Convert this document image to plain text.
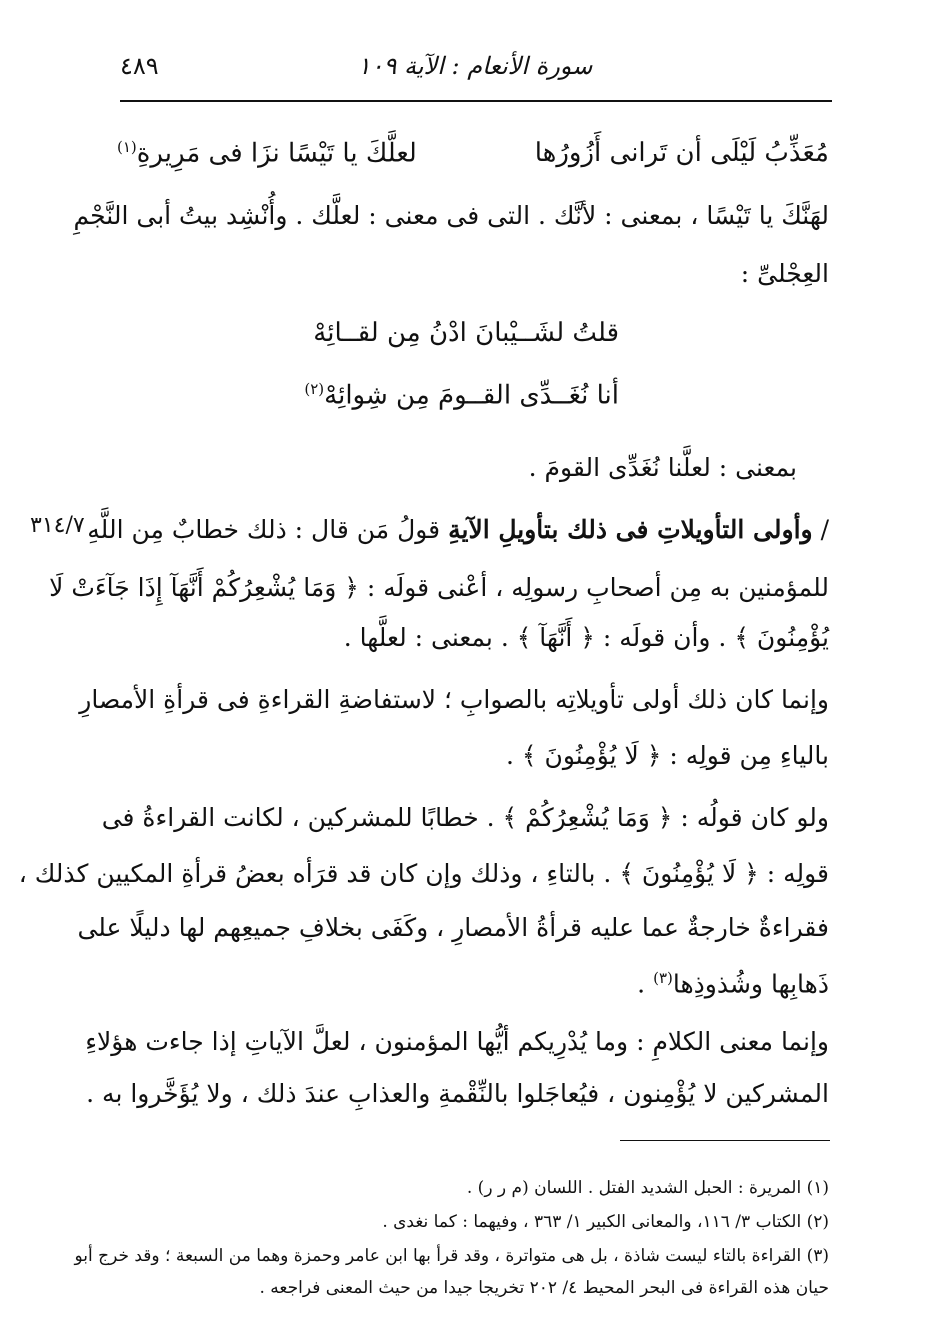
٤٨٩	سورة الأنعام : الآية ١٠٩
مُعَذِّبُ لَيْلَى أن تَرانى أَزُورُها
لعلَّكَ يا تَيْسًا نزَا فى مَرِيرةِ$^{(١)}$
لهَنَّكَ يا تَيْسًا ، بمعنى : لأنَّك . التى فى معنى : لعلَّك . وأُنْشِد بيتُ أبى النَّجْمِ
العِجْلىِّ :
قلتُ لشَــيْبانَ ادْنُ مِن لقــائِهْ
أنا نُغَــدِّى القــومَ مِن شِوائِهْ$^{(٢)}$
بمعنى : لعلَّنا نُغَدِّى القومَ .
٣١٤/٧	/ وأولى التأويلاتِ فى ذلك بتأويلِ الآيةِ قولُ مَن قال : ذلك خطابٌ مِن اللَّهِ
للمؤمنين به مِن أصحابِ رسولِه ، أعْنى قولَه : ﴿ وَمَا يُشْعِرُكُمْ أَنَّهَآ إِذَا جَآءَتْ لَا
يُؤْمِنُونَ ﴾ . وأن قولَه : ﴿ أَنَّهَآ ﴾ . بمعنى : لعلَّها .
وإنما كان ذلك أولى تأويلاتِه بالصوابِ ؛ لاستفاضةِ القراءةِ فى قرأةِ الأمصارِ
بالياءِ مِن قولِه : ﴿ لَا يُؤْمِنُونَ ﴾ .
ولو كان قولُه : ﴿ وَمَا يُشْعِرُكُمْ ﴾ . خطابًا للمشركين ، لكانت القراءةُ فى
قولِه : ﴿ لَا يُؤْمِنُونَ ﴾ . بالتاءِ ، وذلك وإن كان قد قرَأه بعضُ قرأةِ المكيين كذلك ،
فقراءةٌ خارجةٌ عما عليه قرأةُ الأمصارِ ، وكَفَى بخلافِ جميعِهم لها دليلًا على
ذَهابِها وشُذوذِها$^{(٣)}$ .
وإنما معنى الكلامِ : وما يُدْرِيكم أيُّها المؤمنون ، لعلَّ الآياتِ إذا جاءت هؤلاءِ
المشركين لا يُؤْمِنون ، فيُعاجَلوا بالنِّقْمةِ والعذابِ عندَ ذلك ، ولا يُؤَخَّروا به .
(١) المريرة : الحبل الشديد الفتل . اللسان (م ر ر) .
(٢) الكتاب ٣/ ١١٦، والمعانى الكبير ١/ ٣٦٣ ، وفيهما : كما نغدى .
(٣) القراءة بالتاء ليست شاذة ، بل هى متواترة ، وقد قرأ بها ابن عامر وحمزة وهما من السبعة ؛ وقد خرج أبو
حيان هذه القراءة فى البحر المحيط ٤/ ٢٠٢ تخريجا جيدا من حيث المعنى فراجعه .
